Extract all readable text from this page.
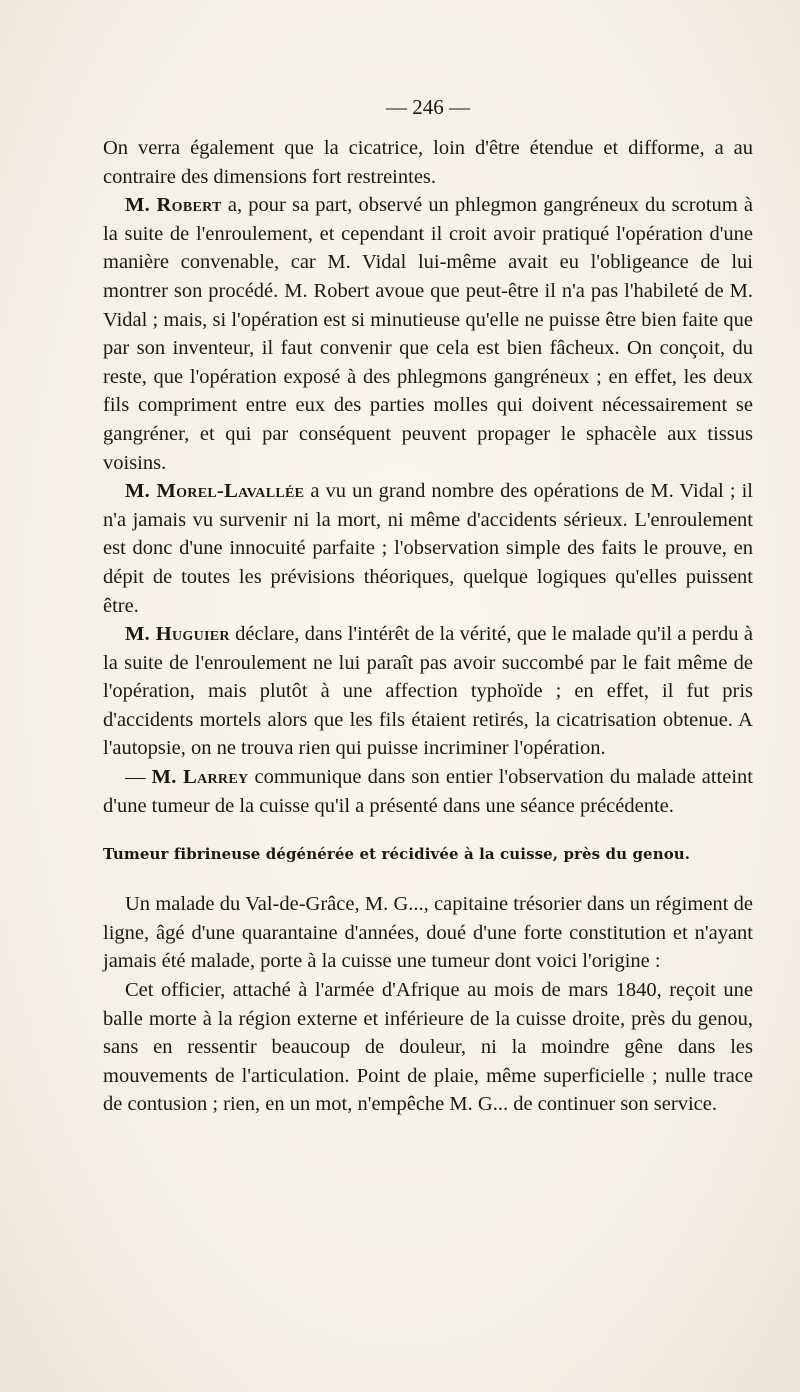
— 246 —

On verra également que la cicatrice, loin d'être étendue et difforme, a au contraire des dimensions fort restreintes.

M. Robert a, pour sa part, observé un phlegmon gangréneux du scrotum à la suite de l'enroulement, et cependant il croit avoir pratiqué l'opération d'une manière convenable, car M. Vidal lui-même avait eu l'obligeance de lui montrer son procédé. M. Robert avoue que peut-être il n'a pas l'habileté de M. Vidal ; mais, si l'opération est si minutieuse qu'elle ne puisse être bien faite que par son inventeur, il faut convenir que cela est bien fâcheux. On conçoit, du reste, que l'opération exposé à des phlegmons gangréneux ; en effet, les deux fils compriment entre eux des parties molles qui doivent nécessairement se gangréner, et qui par conséquent peuvent propager le sphacèle aux tissus voisins.

M. Morel-Lavallée a vu un grand nombre des opérations de M. Vidal ; il n'a jamais vu survenir ni la mort, ni même d'accidents sérieux. L'enroulement est donc d'une innocuité parfaite ; l'observation simple des faits le prouve, en dépit de toutes les prévisions théoriques, quelque logiques qu'elles puissent être.

M. Huguier déclare, dans l'intérêt de la vérité, que le malade qu'il a perdu à la suite de l'enroulement ne lui paraît pas avoir succombé par le fait même de l'opération, mais plutôt à une affection typhoïde ; en effet, il fut pris d'accidents mortels alors que les fils étaient retirés, la cicatrisation obtenue. A l'autopsie, on ne trouva rien qui puisse incriminer l'opération.

— M. Larrey communique dans son entier l'observation du malade atteint d'une tumeur de la cuisse qu'il a présenté dans une séance précédente.

Tumeur fibrineuse dégénérée et récidivée à la cuisse, près du genou.

Un malade du Val-de-Grâce, M. G..., capitaine trésorier dans un régiment de ligne, âgé d'une quarantaine d'années, doué d'une forte constitution et n'ayant jamais été malade, porte à la cuisse une tumeur dont voici l'origine :

Cet officier, attaché à l'armée d'Afrique au mois de mars 1840, reçoit une balle morte à la région externe et inférieure de la cuisse droite, près du genou, sans en ressentir beaucoup de douleur, ni la moindre gêne dans les mouvements de l'articulation. Point de plaie, même superficielle ; nulle trace de contusion ; rien, en un mot, n'empêche M. G... de continuer son service.
